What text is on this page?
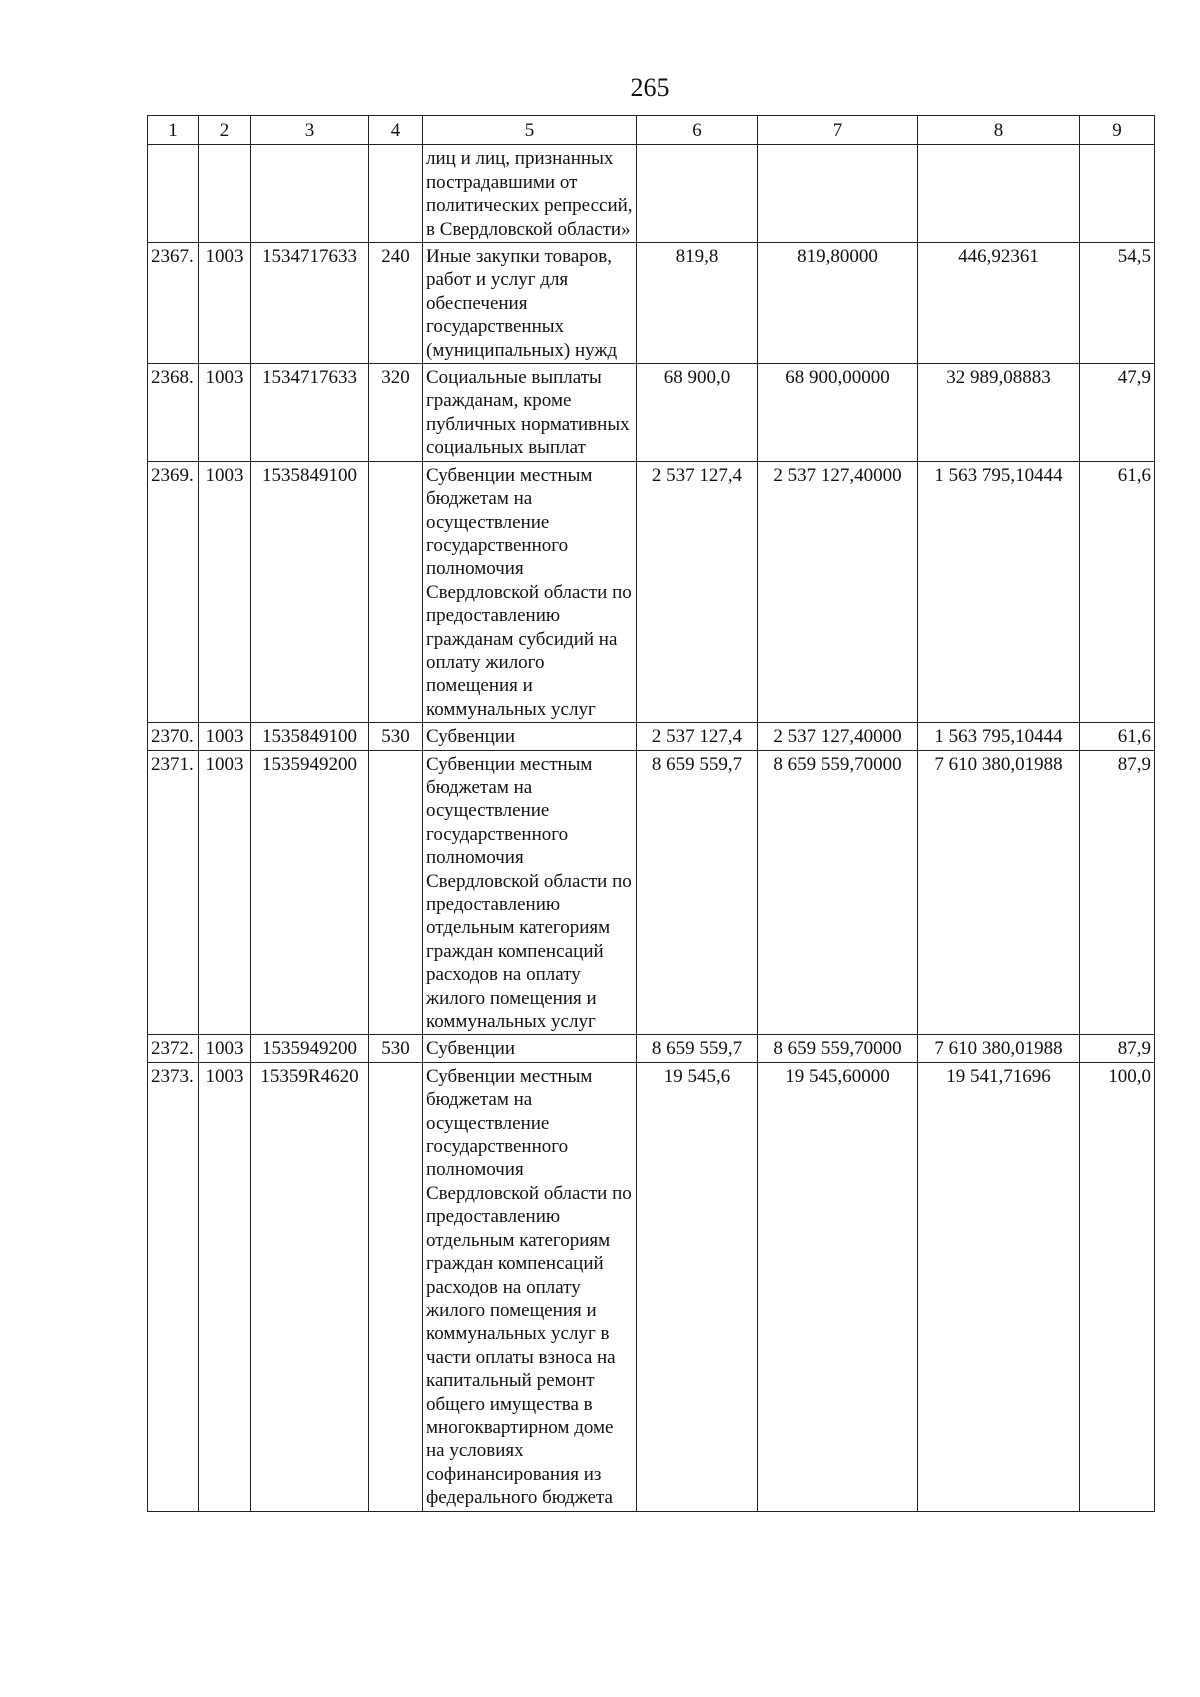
265
1	2	3	4	5	6	7	8	9
				лиц и лиц, признанных пострадавшими от политических репрессий, в Свердловской области»				
2367.	1003	1534717633	240	Иные закупки товаров, работ и услуг для обеспечения государственных (муниципальных) нужд	819,8	819,80000	446,92361	54,5
2368.	1003	1534717633	320	Социальные выплаты гражданам, кроме публичных нормативных социальных выплат	68 900,0	68 900,00000	32 989,08883	47,9
2369.	1003	1535849100		Субвенции местным бюджетам на осуществление государственного полномочия Свердловской области по предоставлению гражданам субсидий на оплату жилого помещения и коммунальных услуг	2 537 127,4	2 537 127,40000	1 563 795,10444	61,6
2370.	1003	1535849100	530	Субвенции	2 537 127,4	2 537 127,40000	1 563 795,10444	61,6
2371.	1003	1535949200		Субвенции местным бюджетам на осуществление государственного полномочия Свердловской области по предоставлению отдельным категориям граждан компенсаций расходов на оплату жилого помещения и коммунальных услуг	8 659 559,7	8 659 559,70000	7 610 380,01988	87,9
2372.	1003	1535949200	530	Субвенции	8 659 559,7	8 659 559,70000	7 610 380,01988	87,9
2373.	1003	15359R4620		Субвенции местным бюджетам на осуществление государственного полномочия Свердловской области по предоставлению отдельным категориям граждан компенсаций расходов на оплату жилого помещения и коммунальных услуг в части оплаты взноса на капитальный ремонт общего имущества в многоквартирном доме на условиях софинансирования из федерального бюджета	19 545,6	19 545,60000	19 541,71696	100,0
